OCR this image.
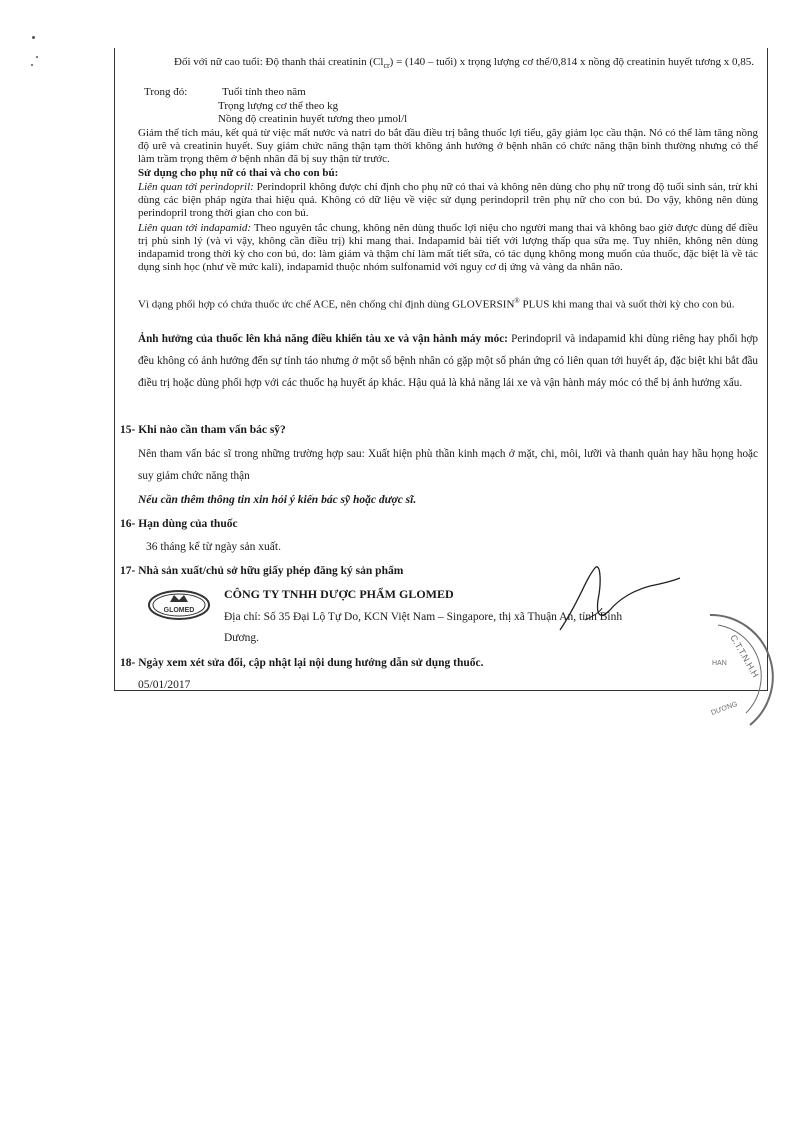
Đối với nữ cao tuổi: Độ thanh thải creatinin $(Cl_{cr}) = (140$ – tuổi) x trọng lượng cơ thể/0,814 x nồng độ creatinin huyết tương x 0,85.

Trong đó:	Tuổi tính theo năm

Trọng lượng cơ thể theo kg

Nồng độ creatinin huyết tương theo µmol/l

Giảm thể tích máu, kết quả từ việc mất nước và natri do bắt đầu điều trị bằng thuốc lợi tiểu, gây giảm lọc cầu thận. Nó có thể làm tăng nồng độ urê và creatinin huyết. Suy giảm chức năng thận tạm thời không ảnh hưởng ở bệnh nhân có chức năng thận bình thường nhưng có thể làm trầm trọng thêm ở bệnh nhân đã bị suy thận từ trước.

Sử dụng cho phụ nữ có thai và cho con bú:

Liên quan tới perindopril: Perindopril không được chỉ định cho phụ nữ có thai và không nên dùng cho phụ nữ trong độ tuổi sinh sản, trừ khi dùng các biện pháp ngừa thai hiệu quả. Không có dữ liệu về việc sử dụng perindopril trên phụ nữ cho con bú. Do vậy, không nên dùng perindopril trong thời gian cho con bú.

Liên quan tới indapamid: Theo nguyên tắc chung, không nên dùng thuốc lợi niệu cho người mang thai và không bao giờ được dùng để điều trị phù sinh lý (và vì vậy, không cần điều trị) khi mang thai. Indapamid bài tiết với lượng thấp qua sữa mẹ. Tuy nhiên, không nên dùng indapamid trong thời kỳ cho con bú, do: làm giảm và thậm chí làm mất tiết sữa, có tác dụng không mong muốn của thuốc, đặc biệt là về tác dụng sinh học (như về mức kali), indapamid thuộc nhóm sulfonamid với nguy cơ dị ứng và vàng da nhân não.

Vì dạng phối hợp có chứa thuốc ức chế ACE, nên chống chỉ định dùng GLOVERSIN® PLUS khi mang thai và suốt thời kỳ cho con bú.

Ảnh hưởng của thuốc lên khả năng điều khiển tàu xe và vận hành máy móc: Perindopril và indapamid khi dùng riêng hay phối hợp đều không có ảnh hưởng đến sự tỉnh táo nhưng ở một số bệnh nhân có gặp một số phản ứng có liên quan tới huyết áp, đặc biệt khi bắt đầu điều trị hoặc dùng phối hợp với các thuốc hạ huyết áp khác. Hậu quả là khả năng lái xe và vận hành máy móc có thể bị ảnh hưởng xấu.

15- Khi nào cần tham vấn bác sỹ?

Nên tham vấn bác sĩ trong những trường hợp sau: Xuất hiện phù thần kinh mạch ở mặt, chi, môi, lưỡi và thanh quản hay hầu họng hoặc suy giảm chức năng thận

Nếu cần thêm thông tin xin hỏi ý kiến bác sỹ hoặc dược sĩ.

16- Hạn dùng của thuốc

36 tháng kể từ ngày sản xuất.

17- Nhà sản xuất/chủ sở hữu giấy phép đăng ký sản phẩm

GLOMED

CÔNG TY TNHH DƯỢC PHẨM GLOMED

Địa chỉ: Số 35 Đại Lộ Tự Do, KCN Việt Nam – Singapore, thị xã Thuận An, tỉnh Bình

Dương.

18- Ngày xem xét sửa đổi, cập nhật lại nội dung hướng dẫn sử dụng thuốc.

05/01/2017

C.T.T.N.H.H
HAN
DƯƠNG
